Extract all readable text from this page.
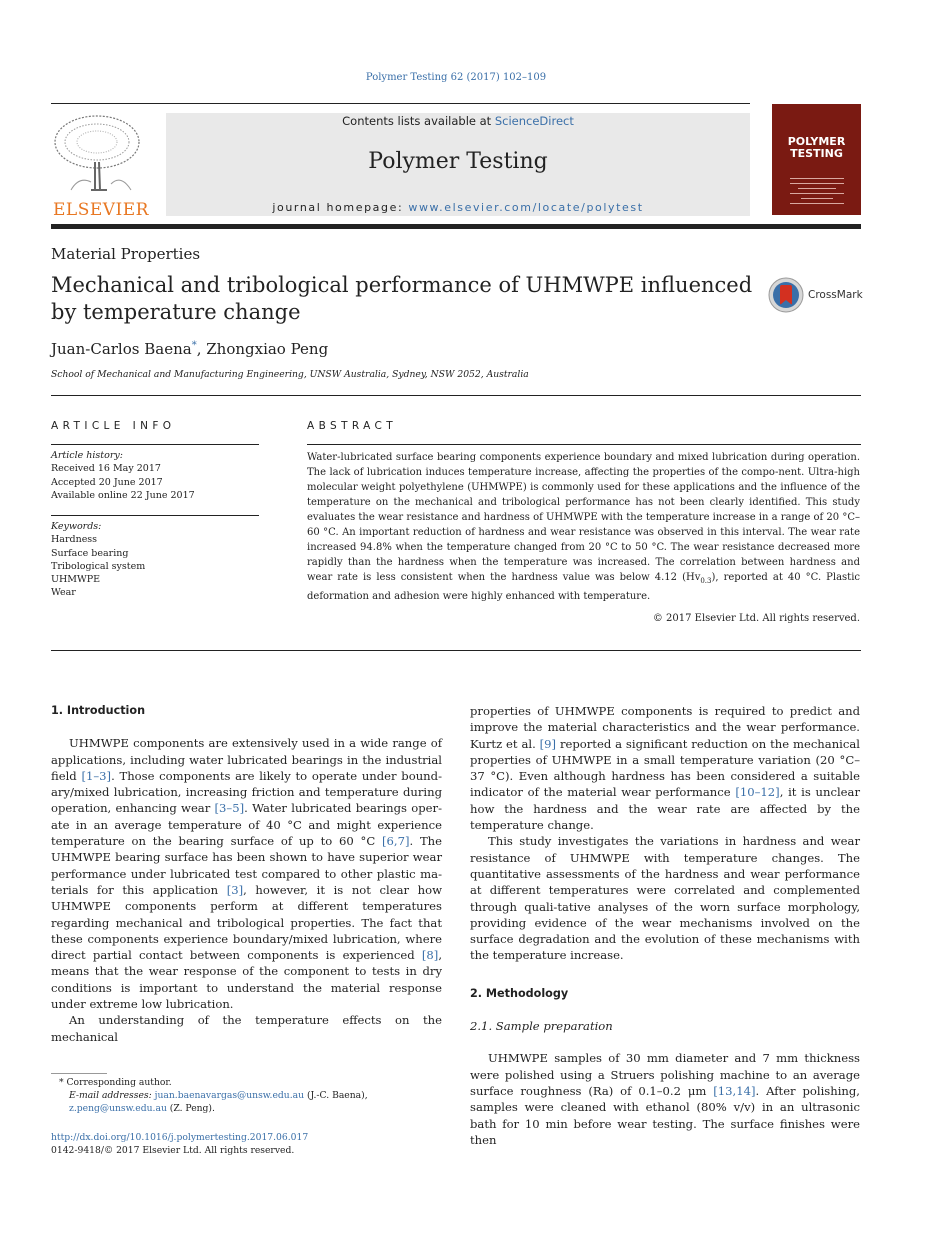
Polymer Testing 62 (2017) 102–109
ELSEVIER
Contents lists available at ScienceDirect
Polymer Testing
journal homepage: www.elsevier.com/locate/polytest
POLYMER
TESTING
Material Properties
Mechanical and tribological performance of UHMWPE influenced by temperature change
CrossMark
Juan-Carlos Baena*, Zhongxiao Peng
School of Mechanical and Manufacturing Engineering, UNSW Australia, Sydney, NSW 2052, Australia
ARTICLE INFO	ABSTRACT
Article history:
Received 16 May 2017
Accepted 20 June 2017
Available online 22 June 2017
Keywords:
Hardness
Surface bearing
Tribological system
UHMWPE
Wear
Water-lubricated surface bearing components experience boundary and mixed lubrication during operation. The lack of lubrication induces temperature increase, affecting the properties of the compo-nent. Ultra-high molecular weight polyethylene (UHMWPE) is commonly used for these applications and the influence of the temperature on the mechanical and tribological performance has not been clearly identified. This study evaluates the wear resistance and hardness of UHMWPE with the temperature increase in a range of 20 °C–60 °C. An important reduction of hardness and wear resistance was observed in this interval. The wear rate increased 94.8% when the temperature changed from 20 °C to 50 °C. The wear resistance decreased more rapidly than the hardness when the temperature was increased. The correlation between hardness and wear rate is less consistent when the hardness value was below 4.12 $(Hv_{0.3})$, reported at 40 °C. Plastic deformation and adhesion were highly enhanced with temperature.
© 2017 Elsevier Ltd. All rights reserved.

1. Introduction

UHMWPE components are extensively used in a wide range of applications, including water lubricated bearings in the industrial field [1–3]. Those components are likely to operate under bound-ary/mixed lubrication, increasing friction and temperature during operation, enhancing wear [3–5]. Water lubricated bearings oper-ate in an average temperature of 40 °C and might experience temperature on the bearing surface of up to 60 °C [6,7]. The UHMWPE bearing surface has been shown to have superior wear performance under lubricated test compared to other plastic ma-terials for this application [3], however, it is not clear how UHMWPE components perform at different temperatures regarding mechanical and tribological properties. The fact that these components experience boundary/mixed lubrication, where direct partial contact between components is experienced [8], means that the wear response of the component to tests in dry conditions is important to understand the material response under extreme low lubrication.

An understanding of the temperature effects on the mechanical

properties of UHMWPE components is required to predict and improve the material characteristics and the wear performance. Kurtz et al. [9] reported a significant reduction on the mechanical properties of UHMWPE in a small temperature variation (20 °C–37 °C). Even although hardness has been considered a suitable indicator of the material wear performance [10–12], it is unclear how the hardness and the wear rate are affected by the temperature change.

This study investigates the variations in hardness and wear resistance of UHMWPE with temperature changes. The quantitative assessments of the hardness and wear performance at different temperatures were correlated and complemented through quali-tative analyses of the worn surface morphology, providing evidence of the wear mechanisms involved on the surface degradation and the evolution of these mechanisms with the temperature increase.

2. Methodology

2.1. Sample preparation

UHMWPE samples of 30 mm diameter and 7 mm thickness were polished using a Struers polishing machine to an average surface roughness (Ra) of 0.1–0.2 μm [13,14]. After polishing, samples were cleaned with ethanol (80% v/v) in an ultrasonic bath for 10 min before wear testing. The surface finishes were then

* Corresponding author.
E-mail addresses: juan.baenavargas@unsw.edu.au (J.-C. Baena), z.peng@unsw.edu.au (Z. Peng).
http://dx.doi.org/10.1016/j.polymertesting.2017.06.017
0142-9418/© 2017 Elsevier Ltd. All rights reserved.
